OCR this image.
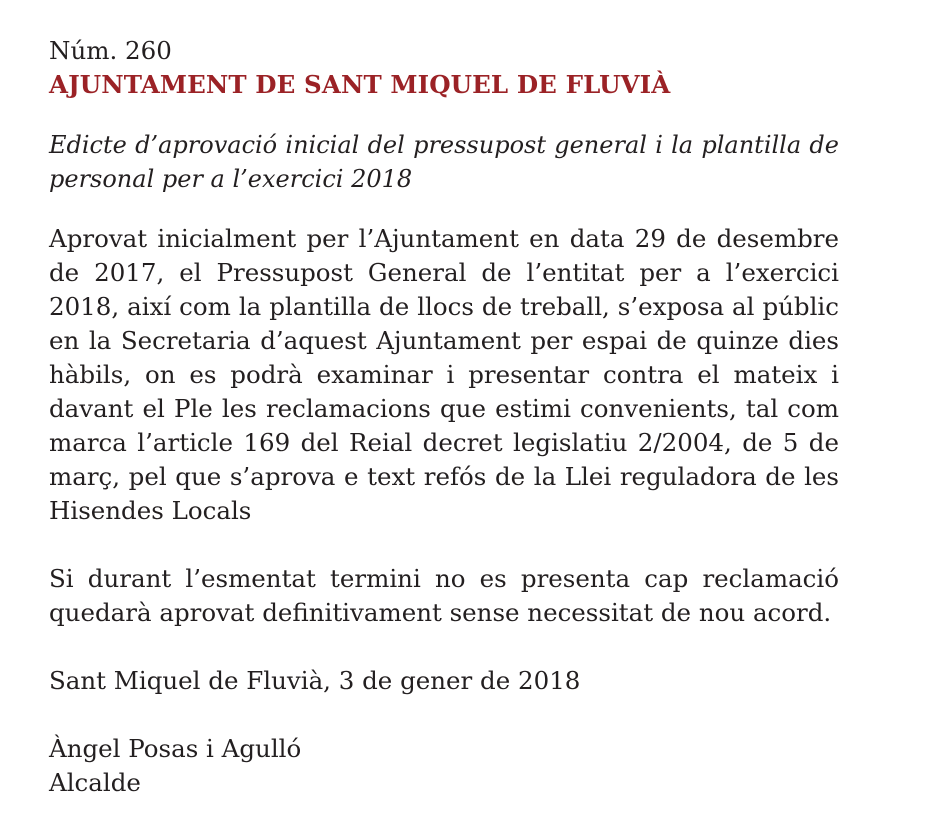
Núm. 260

AJUNTAMENT DE SANT MIQUEL DE FLUVIÀ

Edicte d’aprovació inicial del pressupost general i la plantilla de personal per a l’exercici 2018

Aprovat inicialment per l’Ajuntament en data 29 de desembre de 2017, el Pressupost General de l’entitat per a l’exercici 2018, així com la plantilla de llocs de treball, s’exposa al públic en la Secretaria d’aquest Ajuntament per espai de quinze dies hàbils, on es podrà examinar i presentar contra el mateix i davant el Ple les reclamacions que estimi convenients, tal com marca l’article 169 del Reial decret legislatiu 2/2004, de 5 de març, pel que s’aprova e text refós de la Llei reguladora de les Hisendes Locals

Si durant l’esmentat termini no es presenta cap reclamació quedarà aprovat definitivament sense necessitat de nou acord.

Sant Miquel de Fluvià, 3 de gener de 2018

Àngel Posas i Agulló

Alcalde
